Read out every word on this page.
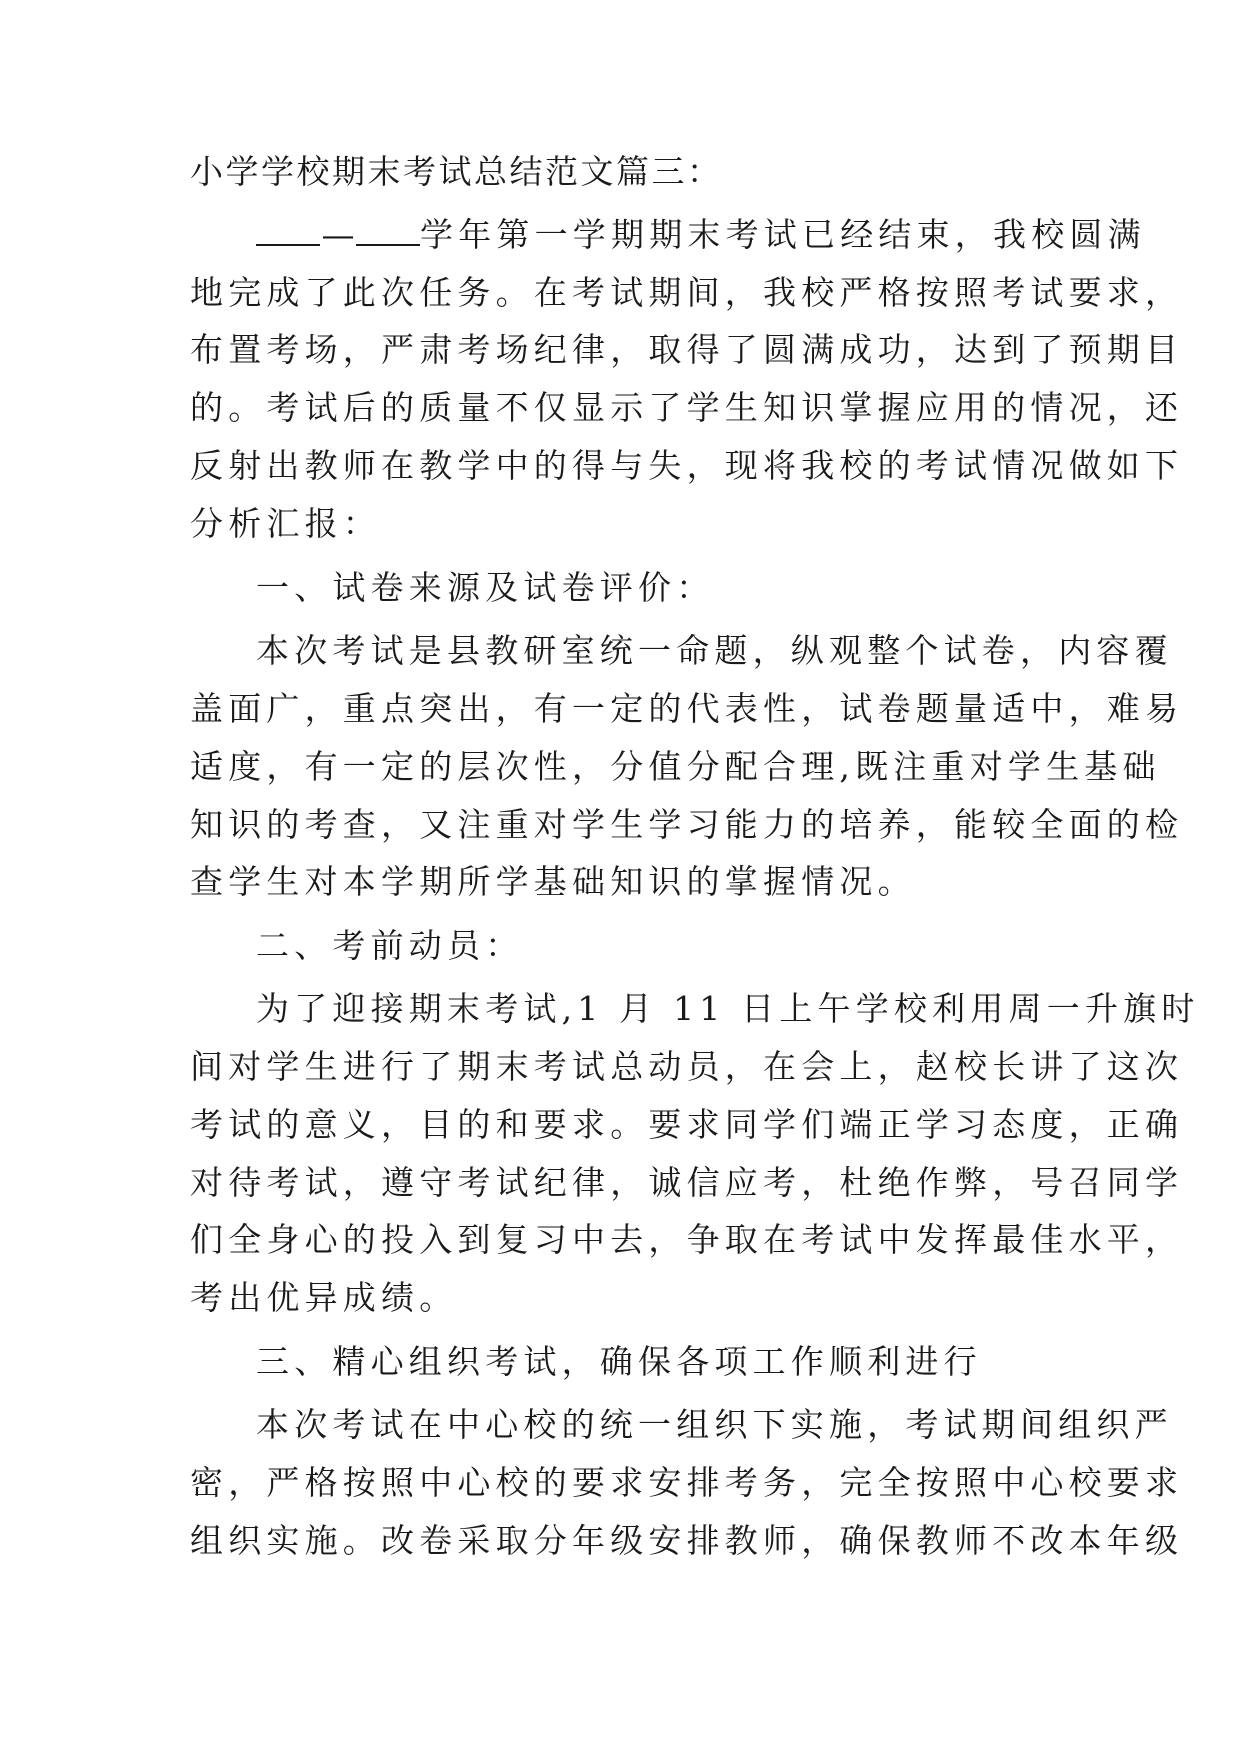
小学学校期末考试总结范文篇三：
— 学年第一学期期末考试已经结束，我校圆满
地完成了此次任务。在考试期间，我校严格按照考试要求，
布置考场，严肃考场纪律，取得了圆满成功，达到了预期目
的。考试后的质量不仅显示了学生知识掌握应用的情况，还
反射出教师在教学中的得与失，现将我校的考试情况做如下
分析汇报：
一、试卷来源及试卷评价：
本次考试是县教研室统一命题，纵观整个试卷，内容覆
盖面广，重点突出，有一定的代表性，试卷题量适中，难易
适度，有一定的层次性，分值分配合理,既注重对学生基础
知识的考查，又注重对学生学习能力的培养，能较全面的检
查学生对本学期所学基础知识的掌握情况。
二、考前动员：
为了迎接期末考试,1 月 11 日上午学校利用周一升旗时
间对学生进行了期末考试总动员，在会上，赵校长讲了这次
考试的意义，目的和要求。要求同学们端正学习态度，正确
对待考试，遵守考试纪律，诚信应考，杜绝作弊，号召同学
们全身心的投入到复习中去，争取在考试中发挥最佳水平，
考出优异成绩。
三、精心组织考试，确保各项工作顺利进行
本次考试在中心校的统一组织下实施，考试期间组织严
密，严格按照中心校的要求安排考务，完全按照中心校要求
组织实施。改卷采取分年级安排教师，确保教师不改本年级
